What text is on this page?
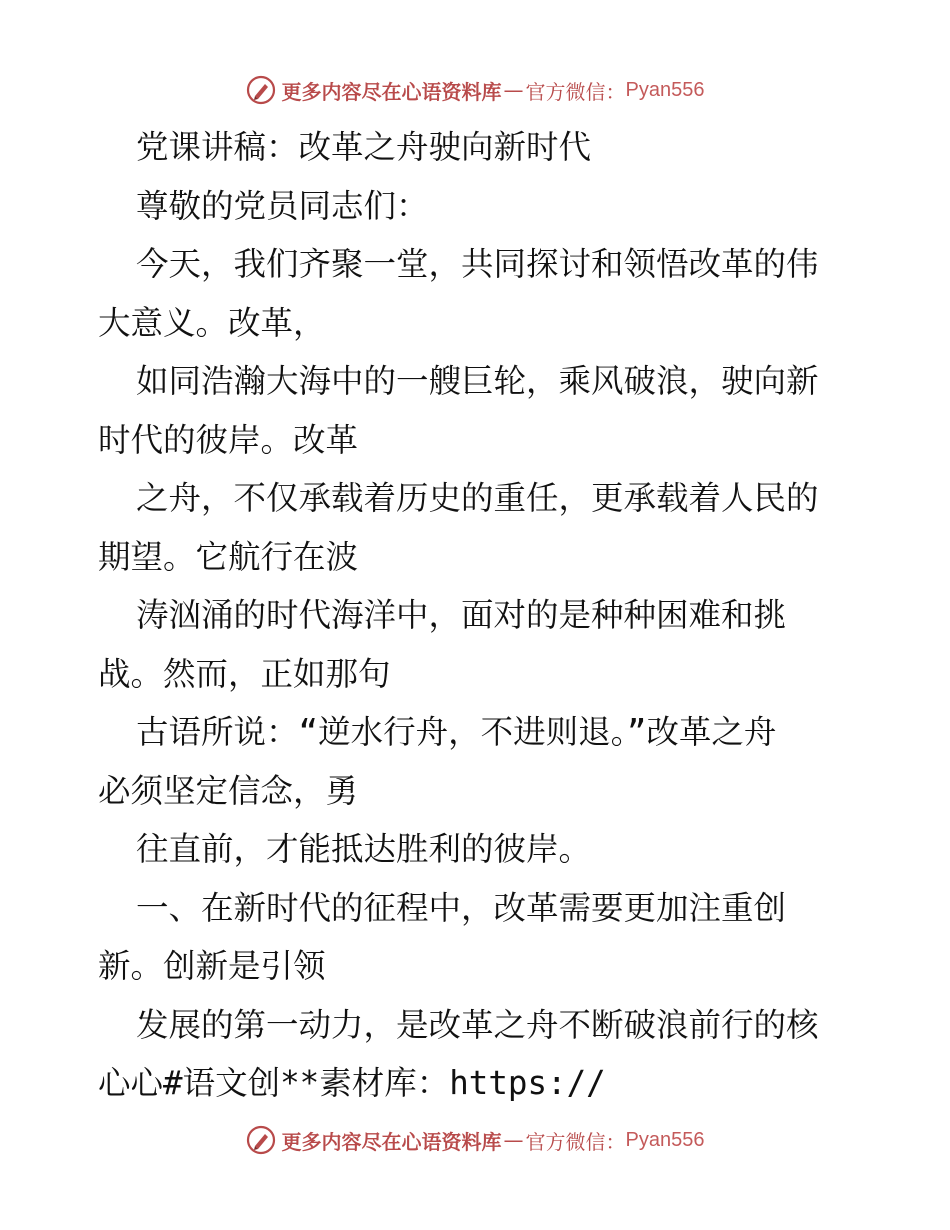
更多内容尽在心语资料库 — 官方微信： Pyan556
党课讲稿：改革之舟驶向新时代
尊敬的党员同志们：
今天，我们齐聚一堂，共同探讨和领悟改革的伟
大意义。改革，
如同浩瀚大海中的一艘巨轮，乘风破浪，驶向新
时代的彼岸。改革
之舟，不仅承载着历史的重任，更承载着人民的
期望。它航行在波
涛汹涌的时代海洋中，面对的是种种困难和挑
战。然而，正如那句
古语所说：“逆水行舟，不进则退。”改革之舟
必须坚定信念，勇
往直前，才能抵达胜利的彼岸。
一、在新时代的征程中，改革需要更加注重创
新。创新是引领
发展的第一动力，是改革之舟不断破浪前行的核
心心#语文创**素材库：https://
更多内容尽在心语资料库 — 官方微信： Pyan556
